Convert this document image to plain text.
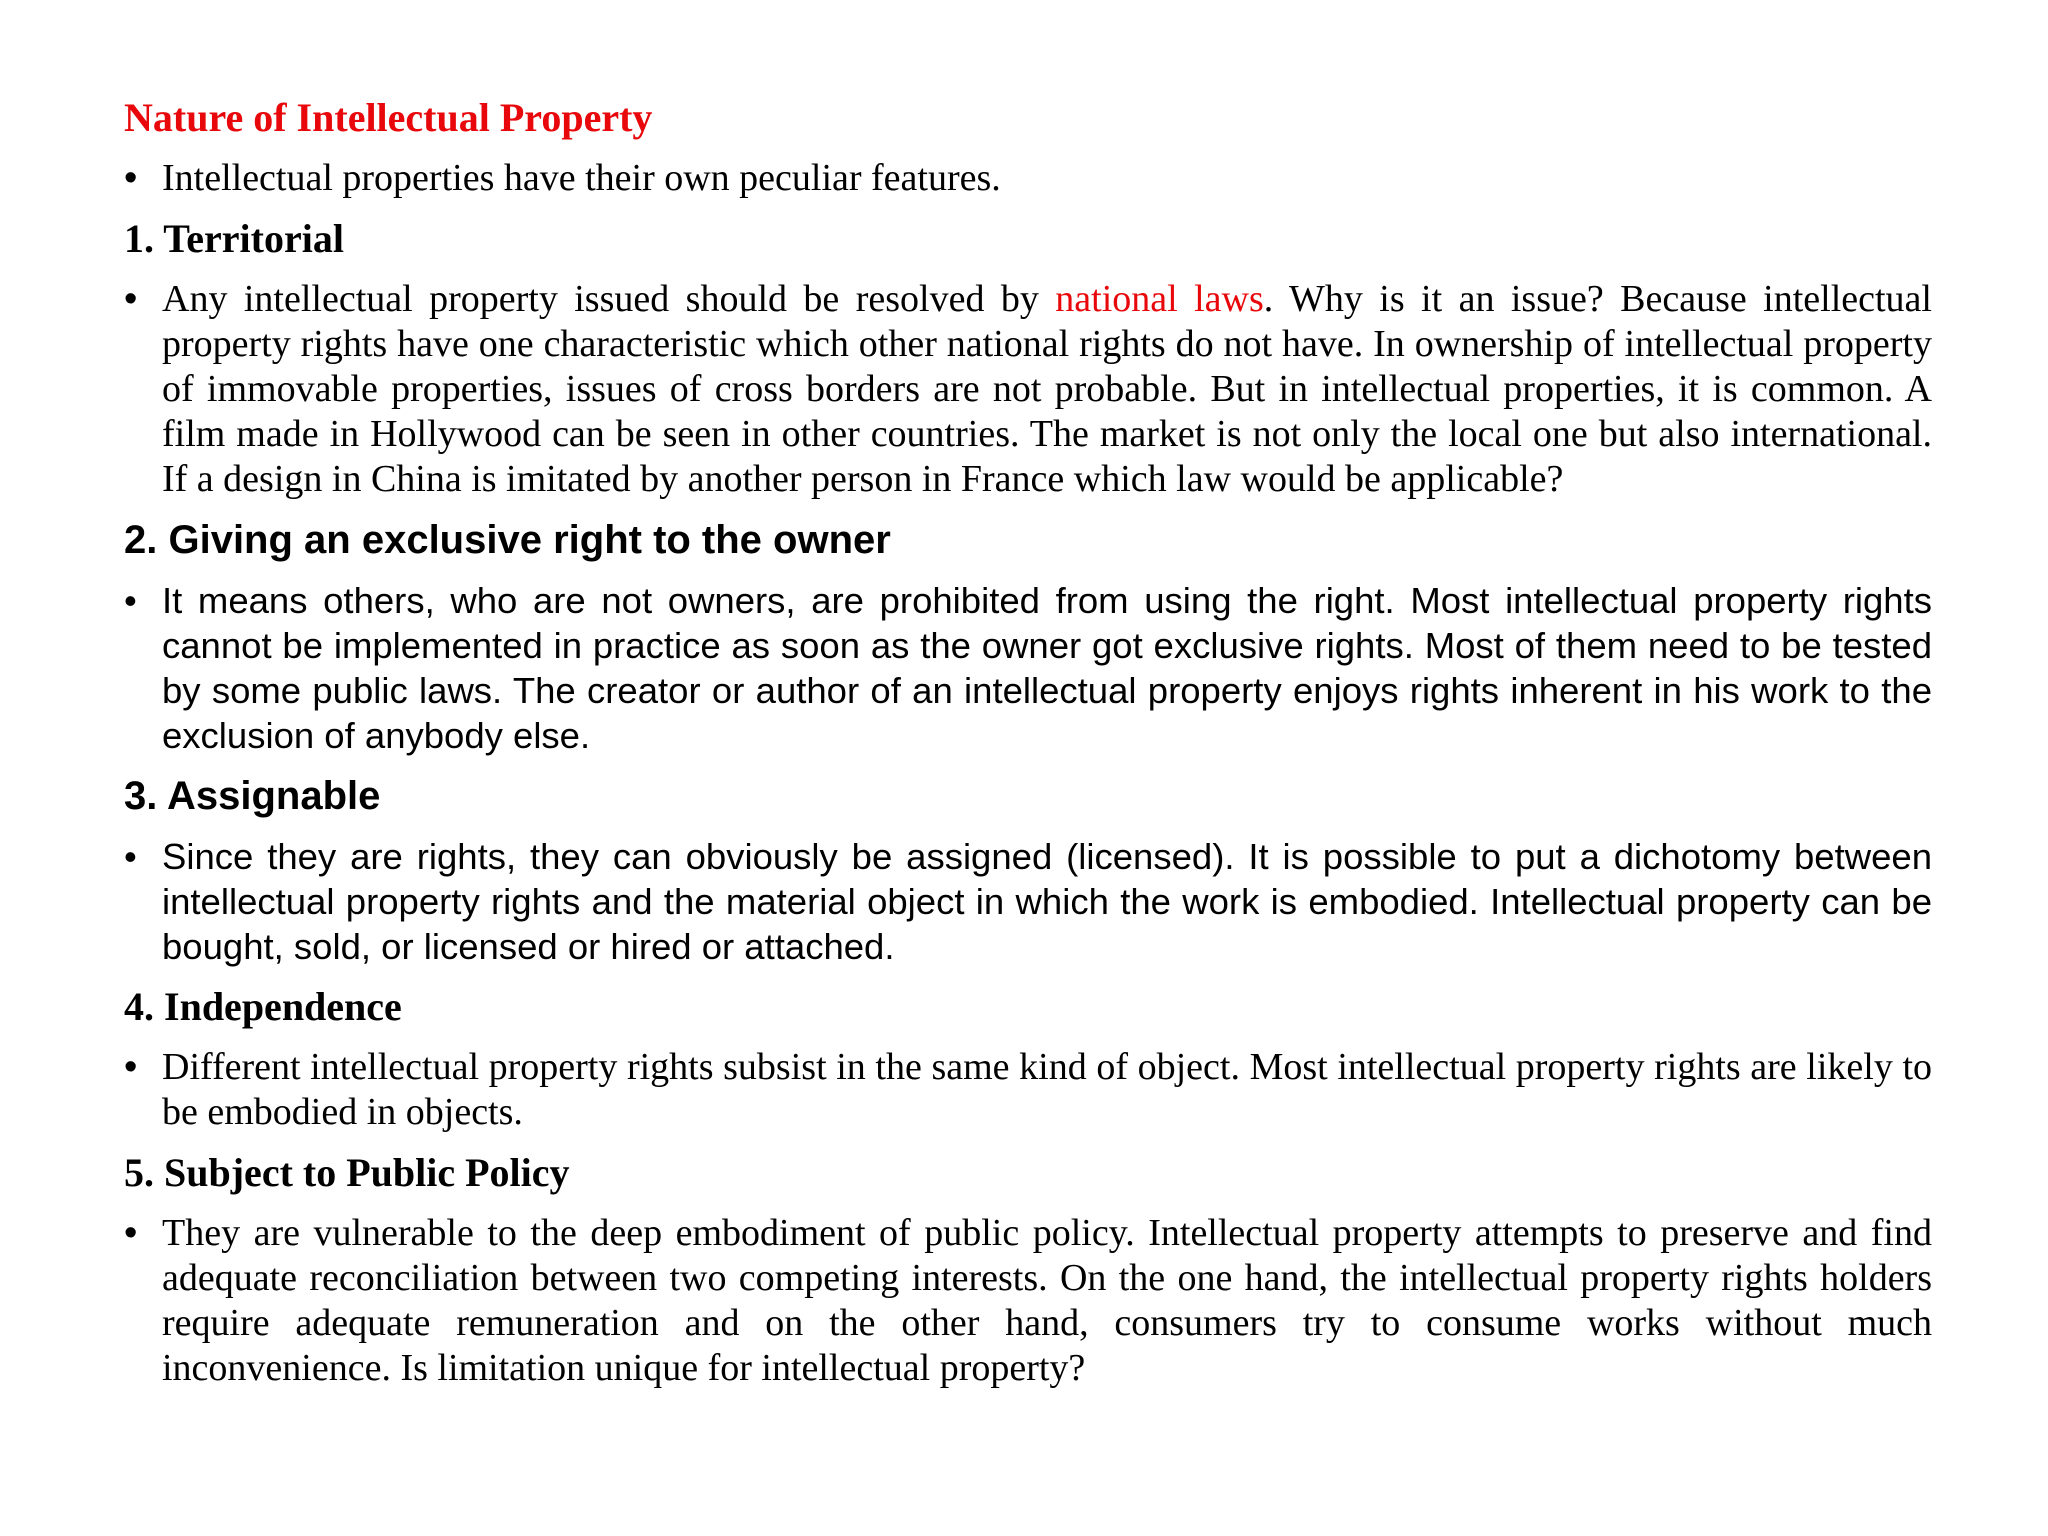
Nature of Intellectual Property
• Intellectual properties have their own peculiar features.
1. Territorial
• Any intellectual property issued should be resolved by national laws. Why is it an issue? Because intellectual property rights have one characteristic which other national rights do not have. In ownership of intellectual property of immovable properties, issues of cross borders are not probable. But in intellectual properties, it is common. A film made in Hollywood can be seen in other countries. The market is not only the local one but also international. If a design in China is imitated by another person in France which law would be applicable?
2. Giving an exclusive right to the owner
• It means others, who are not owners, are prohibited from using the right. Most intellectual property rights cannot be implemented in practice as soon as the owner got exclusive rights. Most of them need to be tested by some public laws. The creator or author of an intellectual property enjoys rights inherent in his work to the exclusion of anybody else.
3. Assignable
• Since they are rights, they can obviously be assigned (licensed). It is possible to put a dichotomy between intellectual property rights and the material object in which the work is embodied. Intellectual property can be bought, sold, or licensed or hired or attached.
4. Independence
• Different intellectual property rights subsist in the same kind of object. Most intellectual property rights are likely to be embodied in objects.
5. Subject to Public Policy
• They are vulnerable to the deep embodiment of public policy. Intellectual property attempts to preserve and find adequate reconciliation between two competing interests. On the one hand, the intellectual property rights holders require adequate remuneration and on the other hand, consumers try to consume works without much inconvenience. Is limitation unique for intellectual property?
